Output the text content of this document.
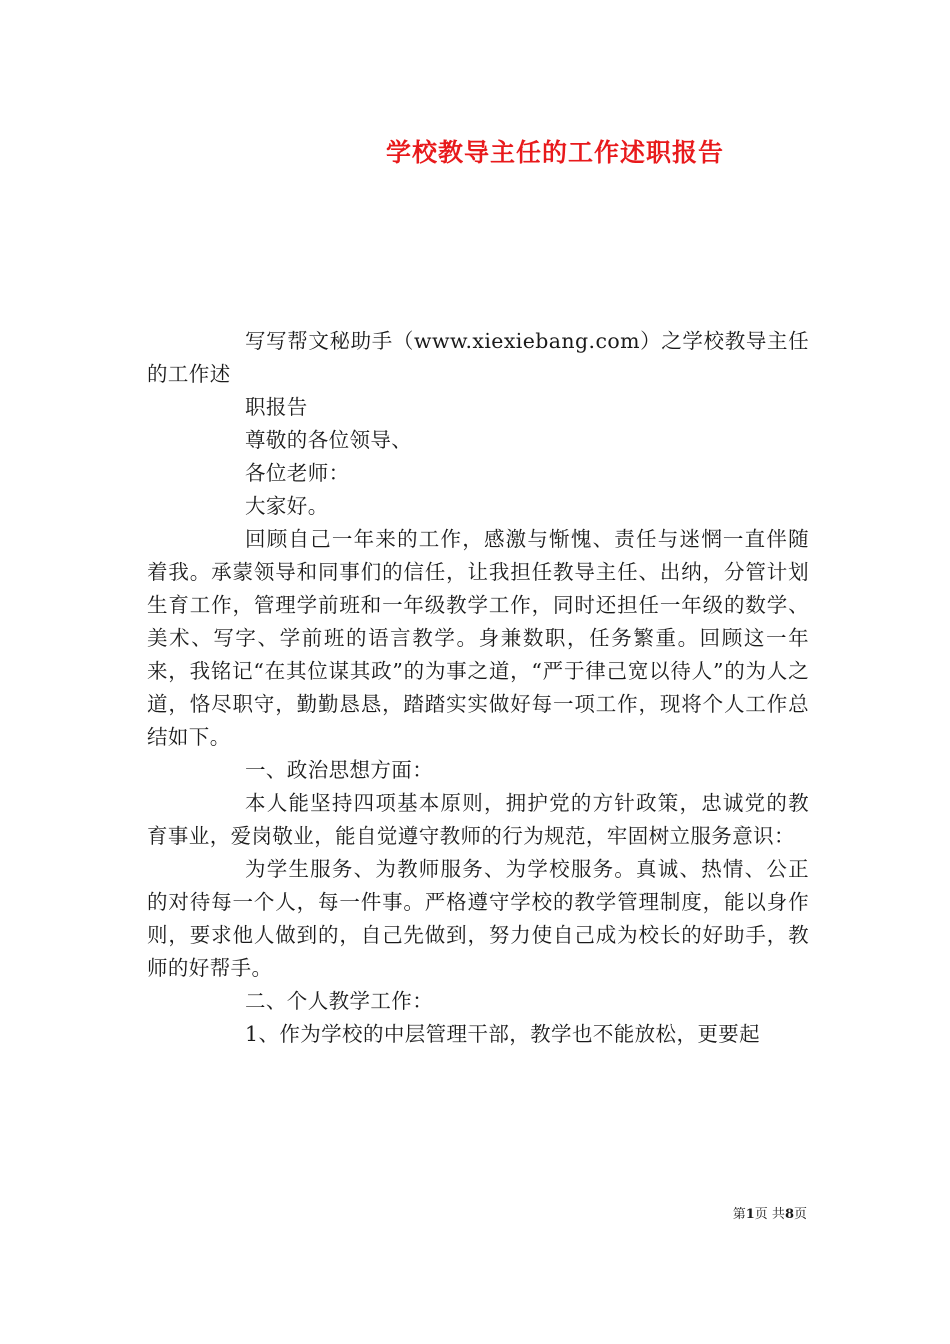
学校教导主任的工作述职报告

写写帮文秘助手（www.xiexiebang.com）之学校教导主任的工作述

职报告

尊敬的各位领导、

各位老师：

大家好。

回顾自己一年来的工作，感激与惭愧、责任与迷惘一直伴随着我。承蒙领导和同事们的信任，让我担任教导主任、出纳，分管计划生育工作，管理学前班和一年级教学工作，同时还担任一年级的数学、美术、写字、学前班的语言教学。身兼数职，任务繁重。回顾这一年来，我铭记“在其位谋其政”的为事之道，“严于律己宽以待人”的为人之道，恪尽职守，勤勤恳恳，踏踏实实做好每一项工作，现将个人工作总结如下。

一、政治思想方面：

本人能坚持四项基本原则，拥护党的方针政策，忠诚党的教育事业，爱岗敬业，能自觉遵守教师的行为规范，牢固树立服务意识：

为学生服务、为教师服务、为学校服务。真诚、热情、公正的对待每一个人，每一件事。严格遵守学校的教学管理制度，能以身作则，要求他人做到的，自己先做到，努力使自己成为校长的好助手，教师的好帮手。

二、个人教学工作：

1、作为学校的中层管理干部，教学也不能放松，更要起

第1页 共8页
